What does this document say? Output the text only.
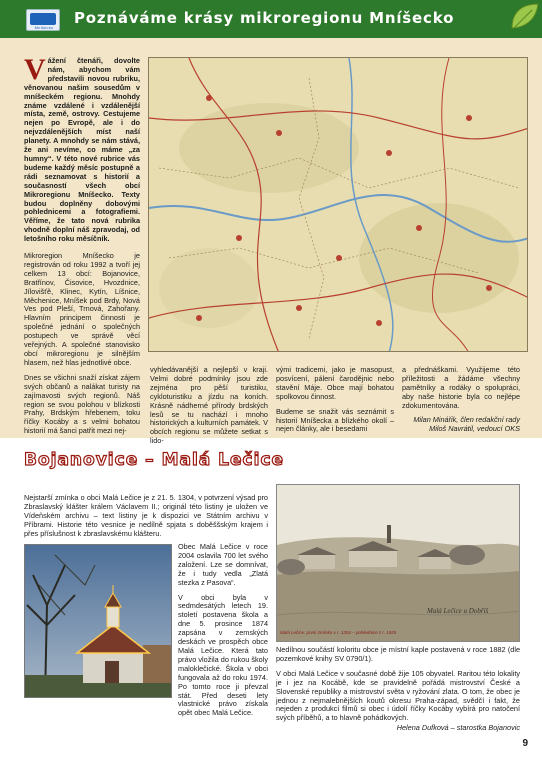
Mníšecko
Poznáváme krásy mikroregionu Mníšecko
Vážení čtenáři, dovolte nám, abychom vám představili novou rubriku, věnovanou našim sousedům v mníšeckém regionu. Mnohdy známe vzdálené i vzdálenější místa, země, ostrovy. Cestujeme nejen po Evropě, ale i do nejvzdálenějších míst naší planety. A mnohdy se nám stává, že ani nevíme, co máme „za humny“. V této nové rubrice vás budeme každý měsíc postupně a rádi seznamovat s historií a současností všech obcí Mikroregionu Mníšecko. Texty budou doplněny dobovými pohlednicemi a fotografiemi. Věříme, že tato nová rubrika vhodně doplní náš zpravodaj, od letošního roku měsíčník.

Mikroregion Mníšecko je registrován od roku 1992 a tvoří jej celkem 13 obcí: Bojanovice, Bratřínov, Čisovice, Hvozdnice, Jílovišťě, Klinec, Kytín, Líšnice, Měchenice, Mníšek pod Brdy, Nová Ves pod Pleší, Trnová, Zahořany. Hlavním principem činnosti je společné jednání o společných postupech ve správě věcí veřejných. A společné stanovisko obcí mikroregionu je silnějším hlasem, než hlas jednotlivé obce.

Dnes se všichni snaží získat zájem svých občanů a nalákat turisty na zajímavosti svých regionů. Náš region se svou polohou v blízkosti Prahy, Brdským hřebenem, toku říčky Kocáby a s velmi bohatou historií má šanci patřit mezi nej-

vyhledávanější a nejlepší v kraji. Velmi dobré podmínky jsou zde zejména pro pěší turistiku, cykloturistiku a jízdu na koních. Krásně nádherné přírody brdských lesů se tu nachází i mnoho historických a kulturních památek. V obcích regionu se můžete setkat s lido-

vými tradicemi, jako je masopust, posvícení, pálení čarodějnic nebo stavění Máje. Obce mají bohatou spolkovou činnost.

Budeme se snažit vás seznámit s historií Mníšecka a blízkého okolí – nejen články, ale i besedami

a přednáškami. Využijeme této příležitosti a žádáme všechny pamětníky a rodáky o spolupráci, aby naše historie byla co nejlépe zdokumentována.

Milan Minářik, člen redakční rady
Miloš Navrátil, vedoucí OKS
Bojanovice – Malá Lečice

Nejstarší zmínka o obci Malá Lečice je z 21. 5. 1304, v potvrzení výsad pro Zbraslavský klášter králem Václavem II.; originál této listiny je uložen ve Vídeňském archivu – text listiny je k dispozici ve Státním archivu v Příbrami. Historie této vesnice je nedílně spjata s doběššským krajem i přes příslušnost k zbraslavskému klášteru.

Obec Malá Lečice v roce 2004 oslavila 700 let svého založení. Lze se domnívat, že i tudy vedla „Zlatá stezka z Pasova“.

V obci byla v sedmdesátých letech 19. století postavena škola a dne 5. prosince 1874 zapsána v zemských deskách ve prospěch obce Malá Lečice. Která tato právo vložila do rukou školy maloklečické. Škola v obci fungovala až do roku 1974. Po tomto roce ji převzal stát. Před deseti lety vlastnické právo získala opět obec Malá Lečice.

Malá Lečice u Dobříš
Malá Lečice: první zmínka v r. 1304 – pohlednice z r. 1925

Nedílnou součástí koloritu obce je místní kaple postavená v roce 1882 (dle pozemkové knihy SV 0790/1).

V obci Malá Lečice v současné době žije 105 obyvatel. Raritou této lokality je i jez na Kocábě, kde se pravidelně pořádá mistrovství České a Slovenské republiky a mistrovství světa v ryžování zlata. O tom, že obec je jednou z nejmalebnějších koutů okresu Praha-západ, svědčí i fakt, že nejeden z produkcí filmů si obec i údolí říčky Kocáby vybírá pro natočení svých příběhů, a to hlavně pohádkových.

Helena Dufková – starostka Bojanovic
9
